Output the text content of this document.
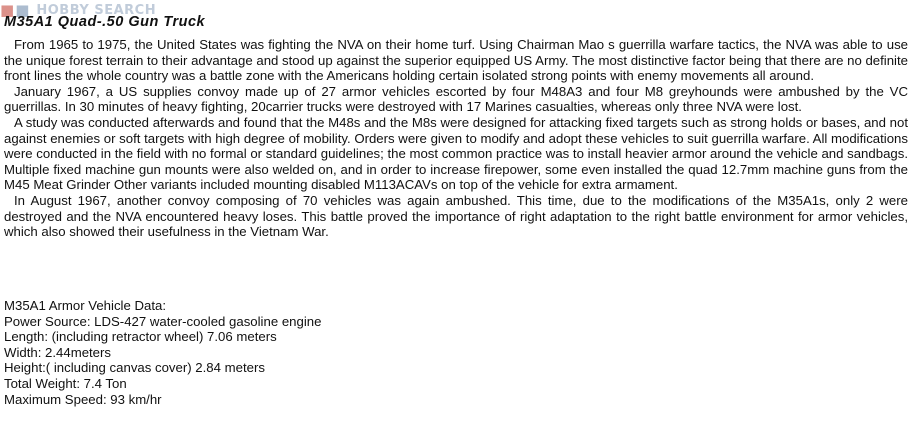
■■ HOBBY SEARCH
M35A1 Quad-.50 Gun Truck

From 1965 to 1975, the United States was fighting the NVA on their home turf. Using Chairman Mao s guerrilla warfare tactics, the NVA was able to use the unique forest terrain to their advantage and stood up against the superior equipped US Army. The most distinctive factor being that there are no definite front lines the whole country was a battle zone with the Americans holding certain isolated strong points with enemy movements all around.

January 1967, a US supplies convoy made up of 27 armor vehicles escorted by four M48A3 and four M8 greyhounds were ambushed by the VC guerrillas. In 30 minutes of heavy fighting, 20carrier trucks were destroyed with 17 Marines casualties, whereas only three NVA were lost.

A study was conducted afterwards and found that the M48s and the M8s were designed for attacking fixed targets such as strong holds or bases, and not against enemies or soft targets with high degree of mobility. Orders were given to modify and adopt these vehicles to suit guerrilla warfare. All modifications were conducted in the field with no formal or standard guidelines; the most common practice was to install heavier armor around the vehicle and sandbags. Multiple fixed machine gun mounts were also welded on, and in order to increase firepower, some even installed the quad 12.7mm machine guns from the M45 Meat Grinder Other variants included mounting disabled M113ACAVs on top of the vehicle for extra armament.

In August 1967, another convoy composing of 70 vehicles was again ambushed. This time, due to the modifications of the M35A1s, only 2 were destroyed and the NVA encountered heavy loses. This battle proved the importance of right adaptation to the right battle environment for armor vehicles, which also showed their usefulness in the Vietnam War.

M35A1 Armor Vehicle Data:
Power Source: LDS-427 water-cooled gasoline engine
Length: (including retractor wheel) 7.06 meters
Width: 2.44meters
Height:( including canvas cover) 2.84 meters
Total Weight: 7.4 Ton
Maximum Speed: 93 km/hr
